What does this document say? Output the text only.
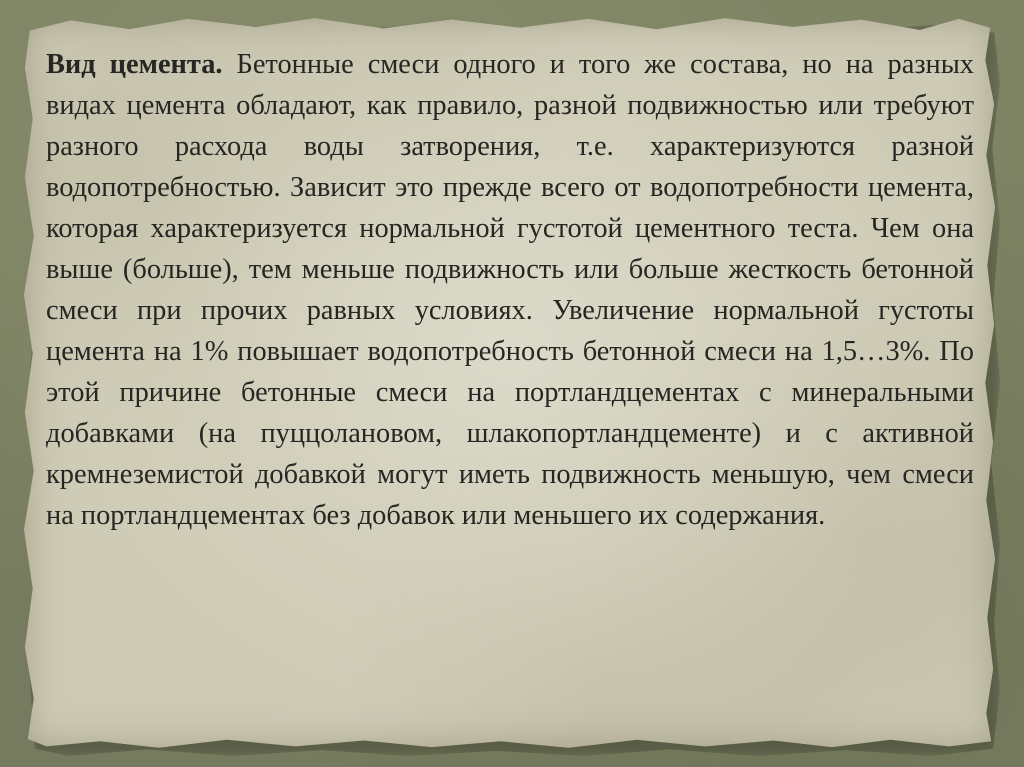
Вид цемента. Бетонные смеси одного и того же состава, но на разных видах цемента обладают, как правило, разной подвижностью или требуют разного расхода воды затворения, т.е. характеризуются разной водопотребностью. Зависит это прежде всего от водопотребности цемента, которая характеризуется нормальной густотой цементного теста. Чем она выше (больше), тем меньше подвижность или больше жесткость бетонной смеси при прочих равных условиях. Увеличение нормальной густоты цемента на 1% повышает водопотребность бетонной смеси на 1,5…3%. По этой причине бетонные смеси на портландцементах с минеральными добавками (на пуццолановом, шлакопортландцементе) и с активной кремнеземистой добавкой могут иметь подвижность меньшую, чем смеси на портландцементах без добавок или меньшего их содержания.
